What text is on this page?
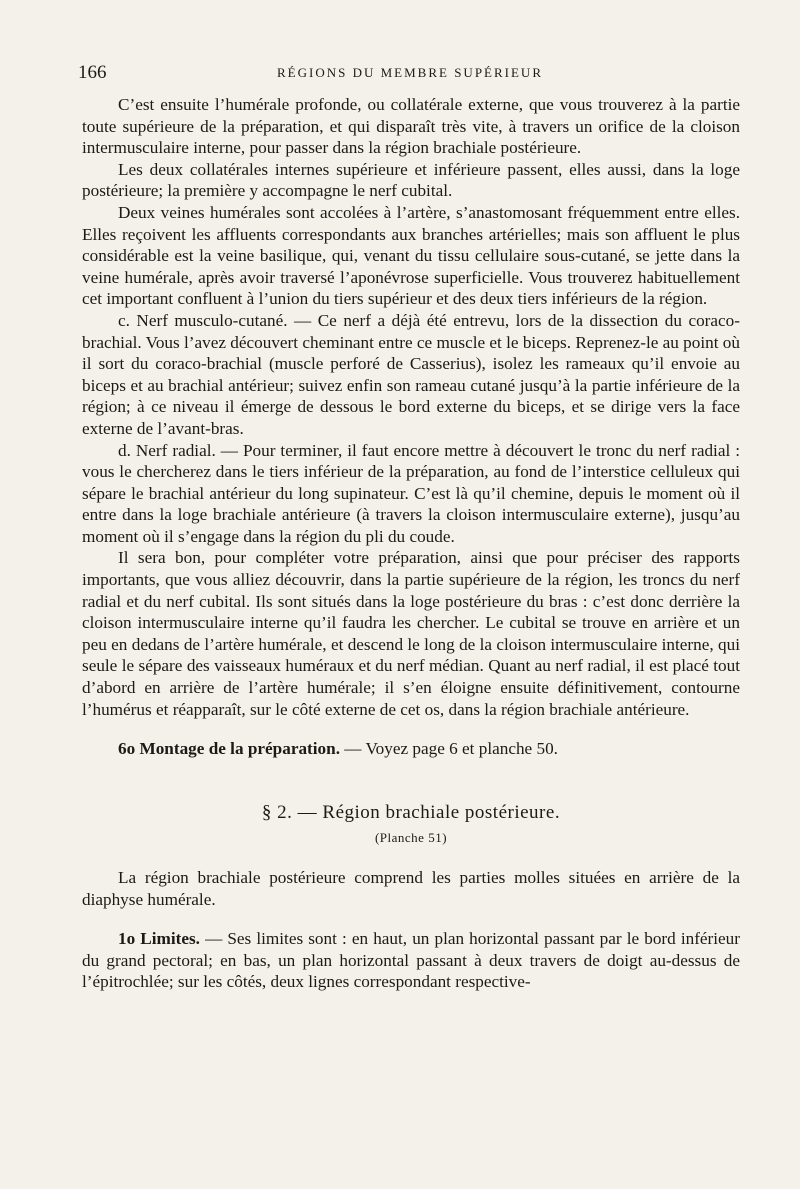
166	RÉGIONS DU MEMBRE SUPÉRIEUR

C’est ensuite l’humérale profonde, ou collatérale externe, que vous trouverez à la partie toute supérieure de la préparation, et qui disparaît très vite, à travers un orifice de la cloison intermusculaire interne, pour passer dans la région brachiale postérieure.

Les deux collatérales internes supérieure et inférieure passent, elles aussi, dans la loge postérieure; la première y accompagne le nerf cubital.

Deux veines humérales sont accolées à l’artère, s’anastomosant fréquemment entre elles. Elles reçoivent les affluents correspondants aux branches artérielles; mais son affluent le plus considérable est la veine basilique, qui, venant du tissu cellulaire sous-cutané, se jette dans la veine humérale, après avoir traversé l’aponévrose superficielle. Vous trouverez habituellement cet important confluent à l’union du tiers supérieur et des deux tiers inférieurs de la région.

c. Nerf musculo-cutané. — Ce nerf a déjà été entrevu, lors de la dissection du coraco-brachial. Vous l’avez découvert cheminant entre ce muscle et le biceps. Reprenez-le au point où il sort du coraco-brachial (muscle perforé de Casserius), isolez les rameaux qu’il envoie au biceps et au brachial antérieur; suivez enfin son rameau cutané jusqu’à la partie inférieure de la région; à ce niveau il émerge de dessous le bord externe du biceps, et se dirige vers la face externe de l’avant-bras.

d. Nerf radial. — Pour terminer, il faut encore mettre à découvert le tronc du nerf radial : vous le chercherez dans le tiers inférieur de la préparation, au fond de l’interstice celluleux qui sépare le brachial antérieur du long supinateur. C’est là qu’il chemine, depuis le moment où il entre dans la loge brachiale antérieure (à travers la cloison intermusculaire externe), jusqu’au moment où il s’engage dans la région du pli du coude.

Il sera bon, pour compléter votre préparation, ainsi que pour préciser des rapports importants, que vous alliez découvrir, dans la partie supérieure de la région, les troncs du nerf radial et du nerf cubital. Ils sont situés dans la loge postérieure du bras : c’est donc derrière la cloison intermusculaire interne qu’il faudra les chercher. Le cubital se trouve en arrière et un peu en dedans de l’artère humérale, et descend le long de la cloison intermusculaire interne, qui seule le sépare des vaisseaux huméraux et du nerf médian. Quant au nerf radial, il est placé tout d’abord en arrière de l’artère humérale; il s’en éloigne ensuite définitivement, contourne l’humérus et réapparaît, sur le côté externe de cet os, dans la région brachiale antérieure.

6o Montage de la préparation. — Voyez page 6 et planche 50.

§ 2. — Région brachiale postérieure.
(Planche 51)

La région brachiale postérieure comprend les parties molles situées en arrière de la diaphyse humérale.

1o Limites. — Ses limites sont : en haut, un plan horizontal passant par le bord inférieur du grand pectoral; en bas, un plan horizontal passant à deux travers de doigt au-dessus de l’épitrochlée; sur les côtés, deux lignes correspondant respective-
